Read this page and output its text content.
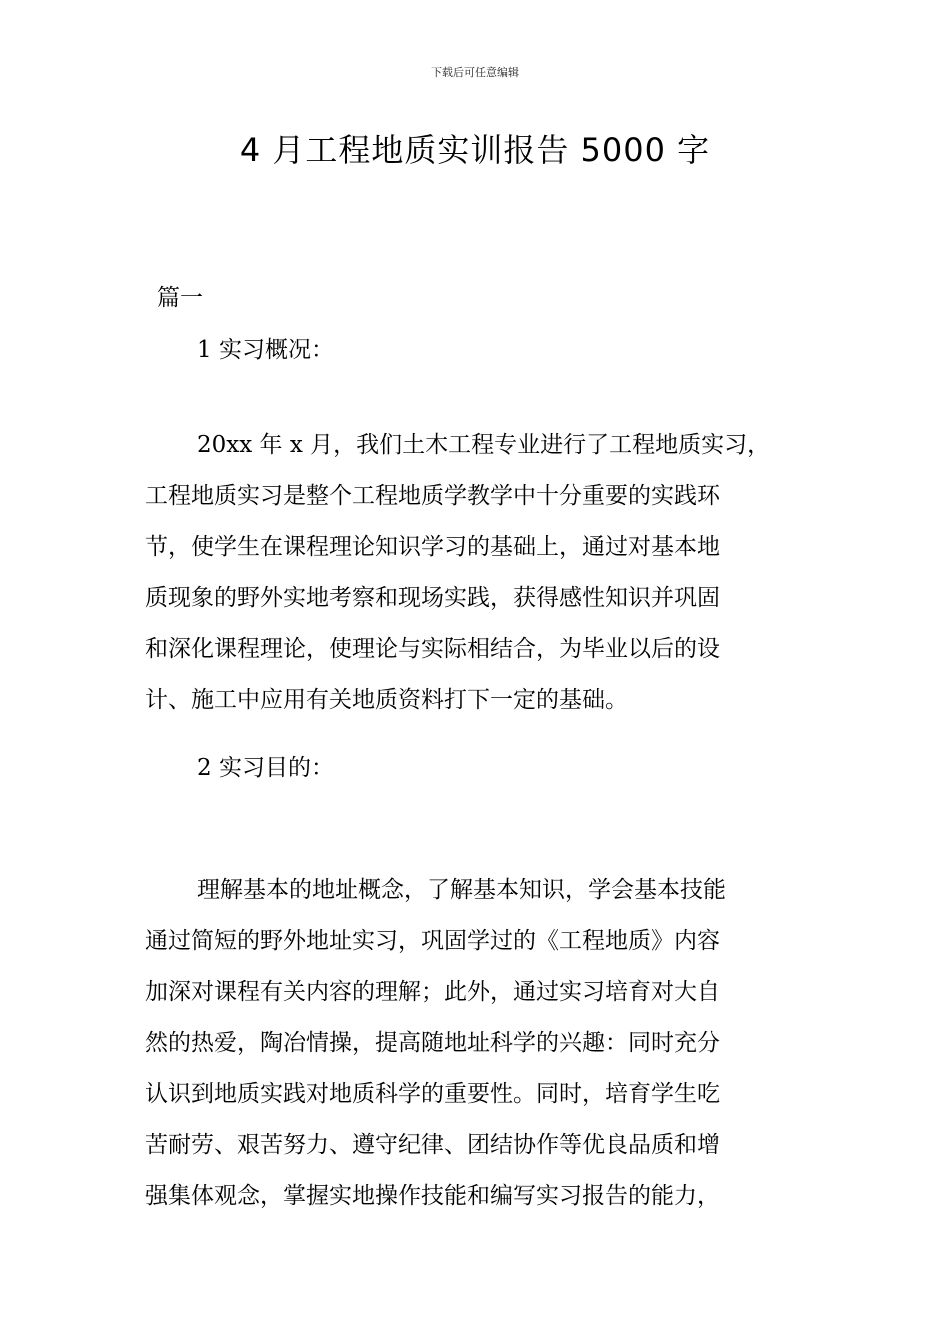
下载后可任意编辑
4 月工程地质实训报告 5000 字
篇一
1 实习概况：
20xx 年 x 月，我们土木工程专业进行了工程地质实习，
工程地质实习是整个工程地质学教学中十分重要的实践环
节，使学生在课程理论知识学习的基础上，通过对基本地
质现象的野外实地考察和现场实践，获得感性知识并巩固
和深化课程理论，使理论与实际相结合，为毕业以后的设
计、施工中应用有关地质资料打下一定的基础。
2 实习目的：
理解基本的地址概念，了解基本知识，学会基本技能
通过简短的野外地址实习，巩固学过的《工程地质》内容
加深对课程有关内容的理解；此外，通过实习培育对大自
然的热爱，陶冶情操，提高随地址科学的兴趣：同时充分
认识到地质实践对地质科学的重要性。同时，培育学生吃
苦耐劳、艰苦努力、遵守纪律、团结协作等优良品质和增
强集体观念，掌握实地操作技能和编写实习报告的能力，
